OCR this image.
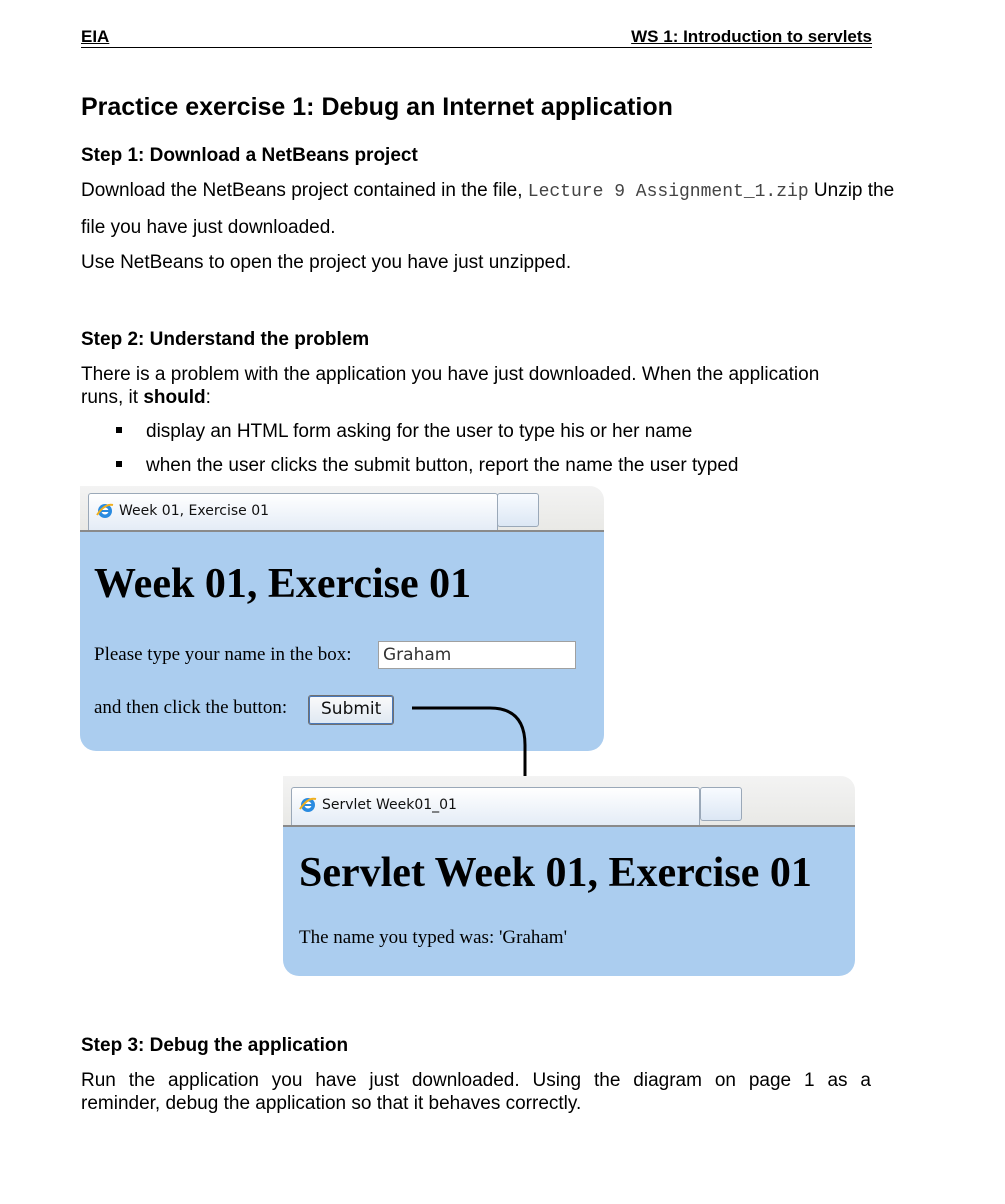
EIA	WS 1: Introduction to servlets
Practice exercise 1: Debug an Internet application
Step 1: Download a NetBeans project

Download the NetBeans project contained in the file, Lecture 9 Assignment_1.zip Unzip the

file you have just downloaded.

Use NetBeans to open the project you have just unzipped.

Step 2: Understand the problem

There is a problem with the application you have just downloaded. When the application

runs, it should:

display an HTML form asking for the user to type his or her name
when the user clicks the submit button, report the name the user typed
Week 01, Exercise 01
Week 01, Exercise 01
Please type your name in the box: Graham
and then click the button:	Submit
Servlet Week01_01
Servlet Week 01, Exercise 01
The name you typed was: 'Graham'
Step 3: Debug the application

Run the application you have just downloaded. Using the diagram on page 1 as a

reminder, debug the application so that it behaves correctly.
